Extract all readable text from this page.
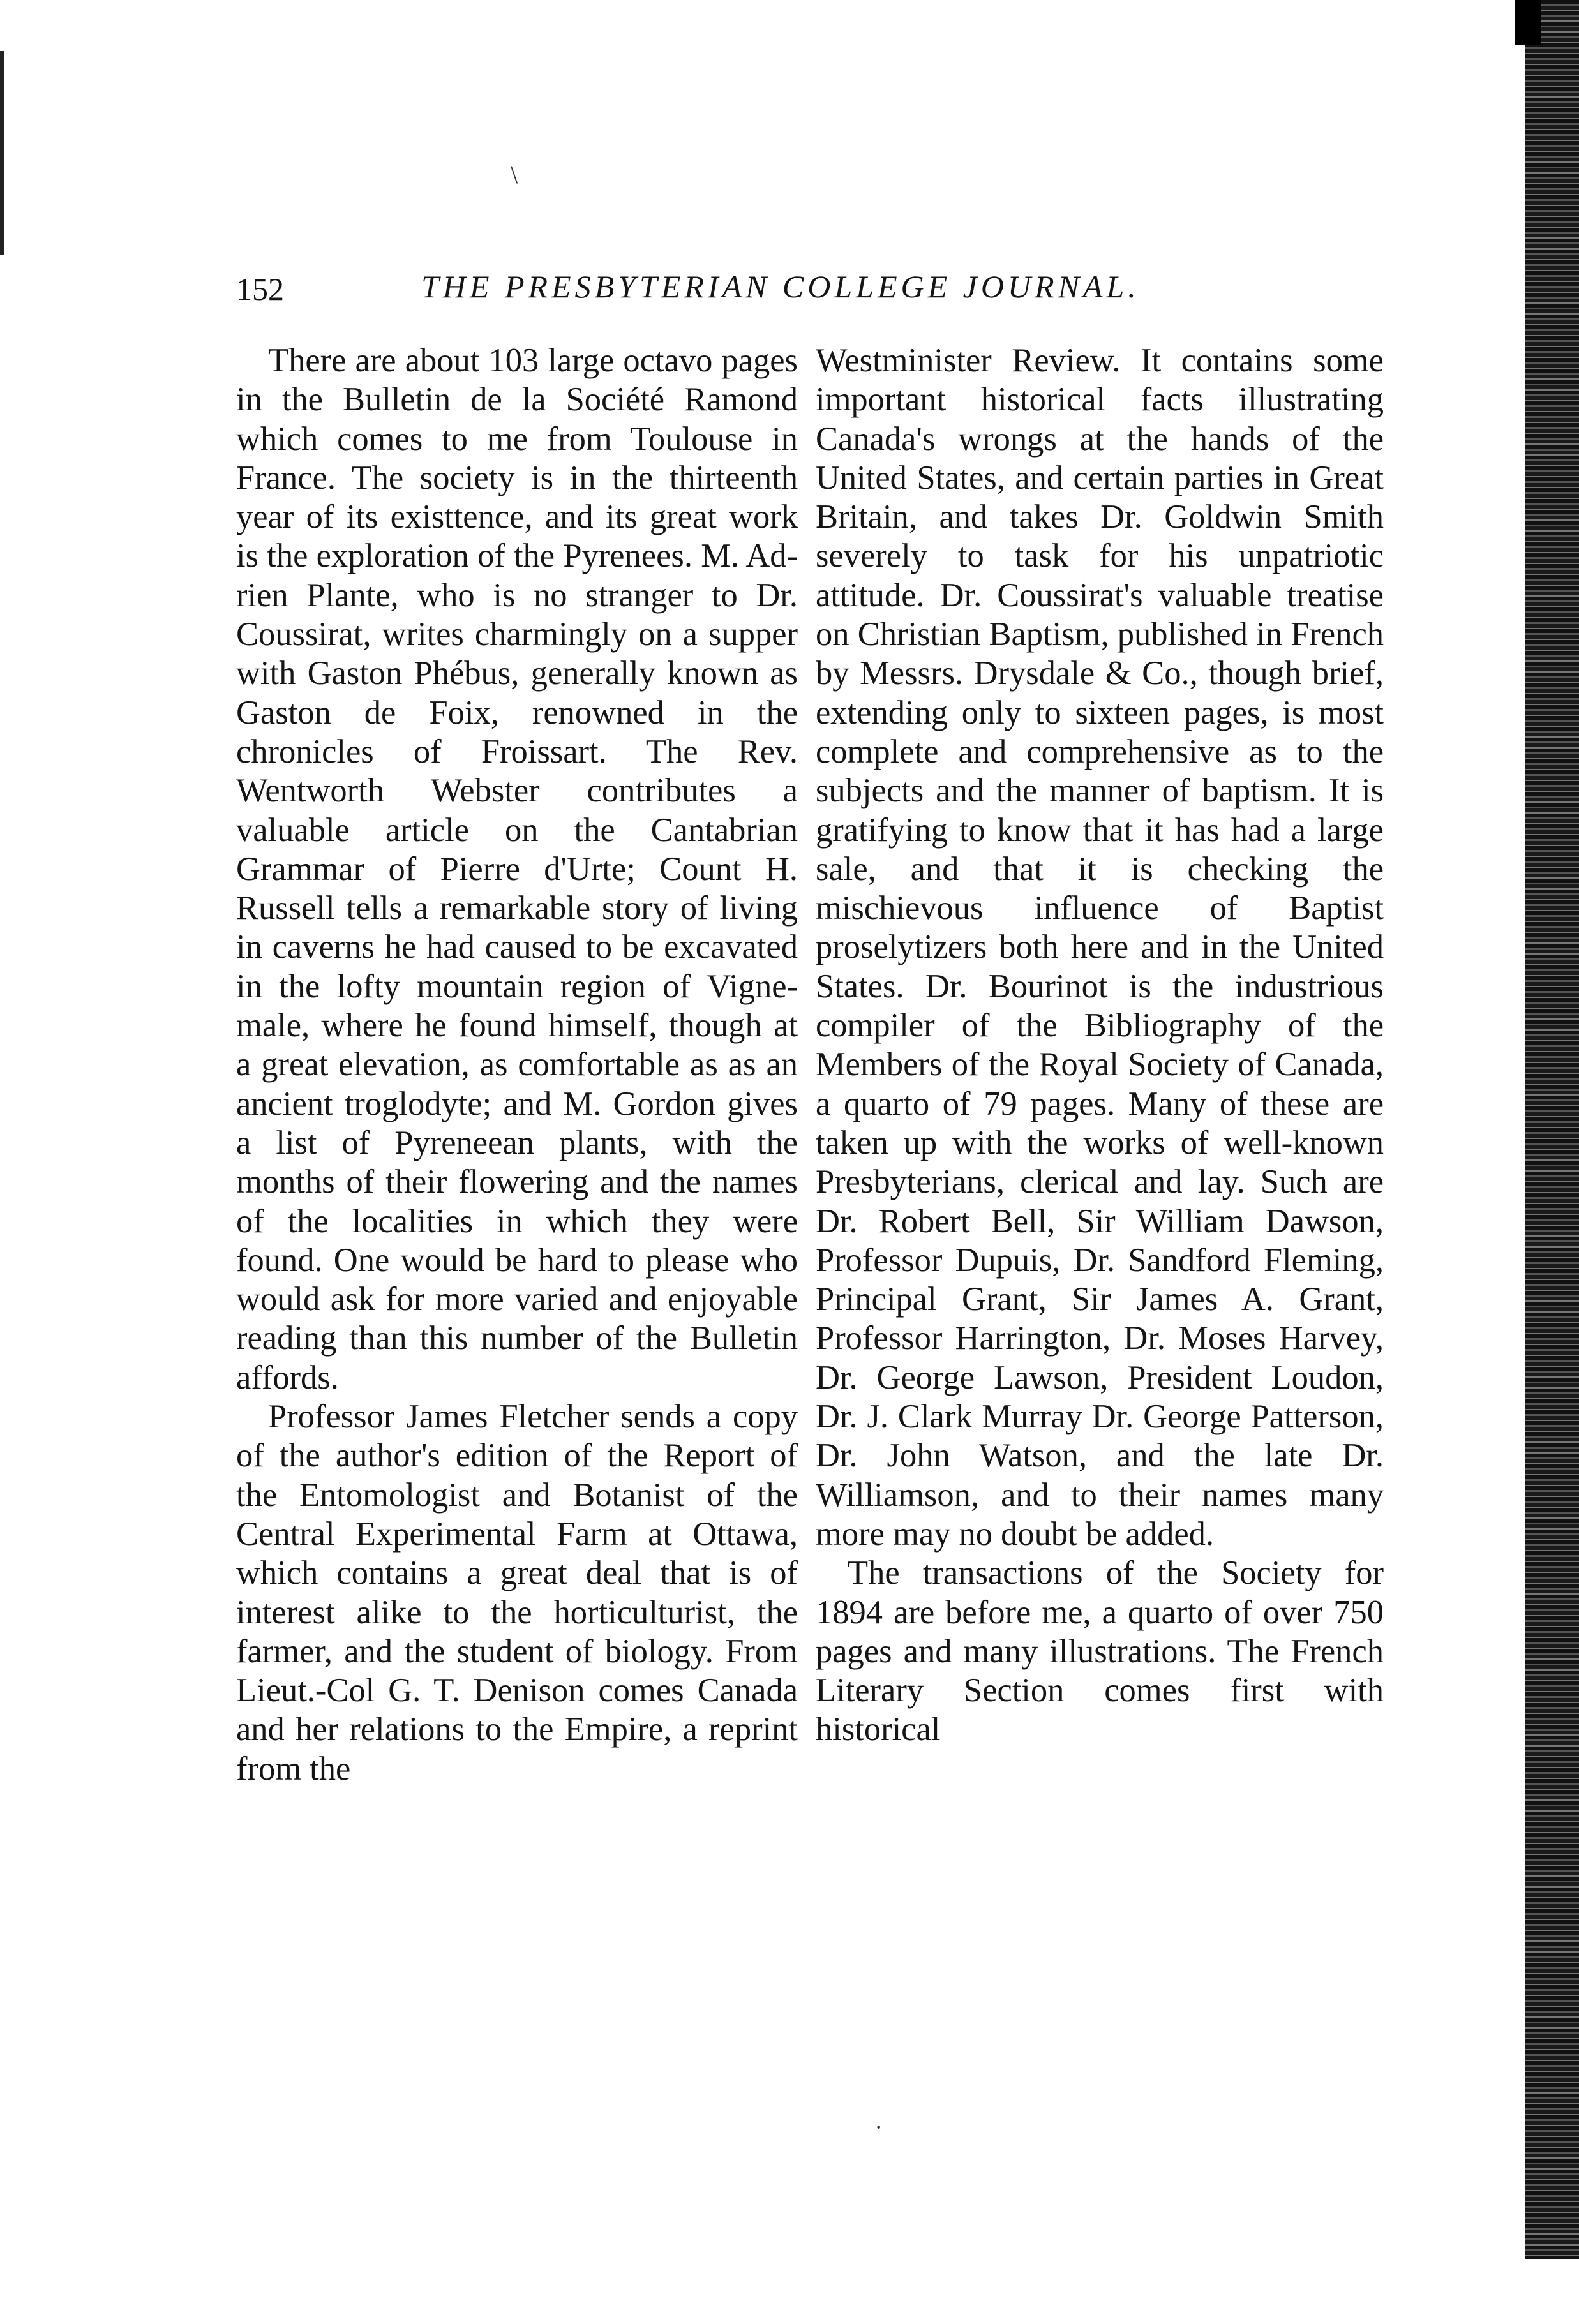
\
·
152	THE PRESBYTERIAN COLLEGE JOURNAL.

There are about 103 large octavo pages in the Bulletin de la Société Ramond which comes to me from Toulouse in France. The society is in the thirteenth year of its existtence, and its great work is the exploration of the Pyrenees. M. Adrien Plante, who is no stranger to Dr. Coussirat, writes charmingly on a supper with Gaston Phébus, generally known as Gaston de Foix, renowned in the chronicles of Froissart. The Rev. Wentworth Webster contributes a valuable article on the Cantabrian Grammar of Pierre d'Urte; Count H. Russell tells a remarkable story of living in caverns he had caused to be excavated in the lofty mountain region of Vignemale, where he found himself, though at a great elevation, as comfortable as as an ancient troglodyte; and M. Gordon gives a list of Pyreneean plants, with the months of their flowering and the names of the localities in which they were found. One would be hard to please who would ask for more varied and enjoyable reading than this number of the Bulletin affords.

Professor James Fletcher sends a copy of the author's edition of the Report of the Entomologist and Botanist of the Central Experimental Farm at Ottawa, which contains a great deal that is of interest alike to the horticulturist, the farmer, and the student of biology. From Lieut.-Col G. T. Denison comes Canada and her relations to the Empire, a reprint from the

Westminister Review. It contains some important historical facts illustrating Canada's wrongs at the hands of the United States, and certain parties in Great Britain, and takes Dr. Goldwin Smith severely to task for his unpatriotic attitude. Dr. Coussirat's valuable treatise on Christian Baptism, published in French by Messrs. Drysdale & Co., though brief, extending only to sixteen pages, is most complete and comprehensive as to the subjects and the manner of baptism. It is gratifying to know that it has had a large sale, and that it is checking the mischievous influence of Baptist proselytizers both here and in the United States. Dr. Bourinot is the industrious compiler of the Bibliography of the Members of the Royal Society of Canada, a quarto of 79 pages. Many of these are taken up with the works of well-known Presbyterians, clerical and lay. Such are Dr. Robert Bell, Sir William Dawson, Professor Dupuis, Dr. Sandford Fleming, Principal Grant, Sir James A. Grant, Professor Harrington, Dr. Moses Harvey, Dr. George Lawson, President Loudon, Dr. J. Clark Murray Dr. George Patterson, Dr. John Watson, and the late Dr. Williamson, and to their names many more may no doubt be added.

The transactions of the Society for 1894 are before me, a quarto of over 750 pages and many illustrations. The French Literary Section comes first with historical
